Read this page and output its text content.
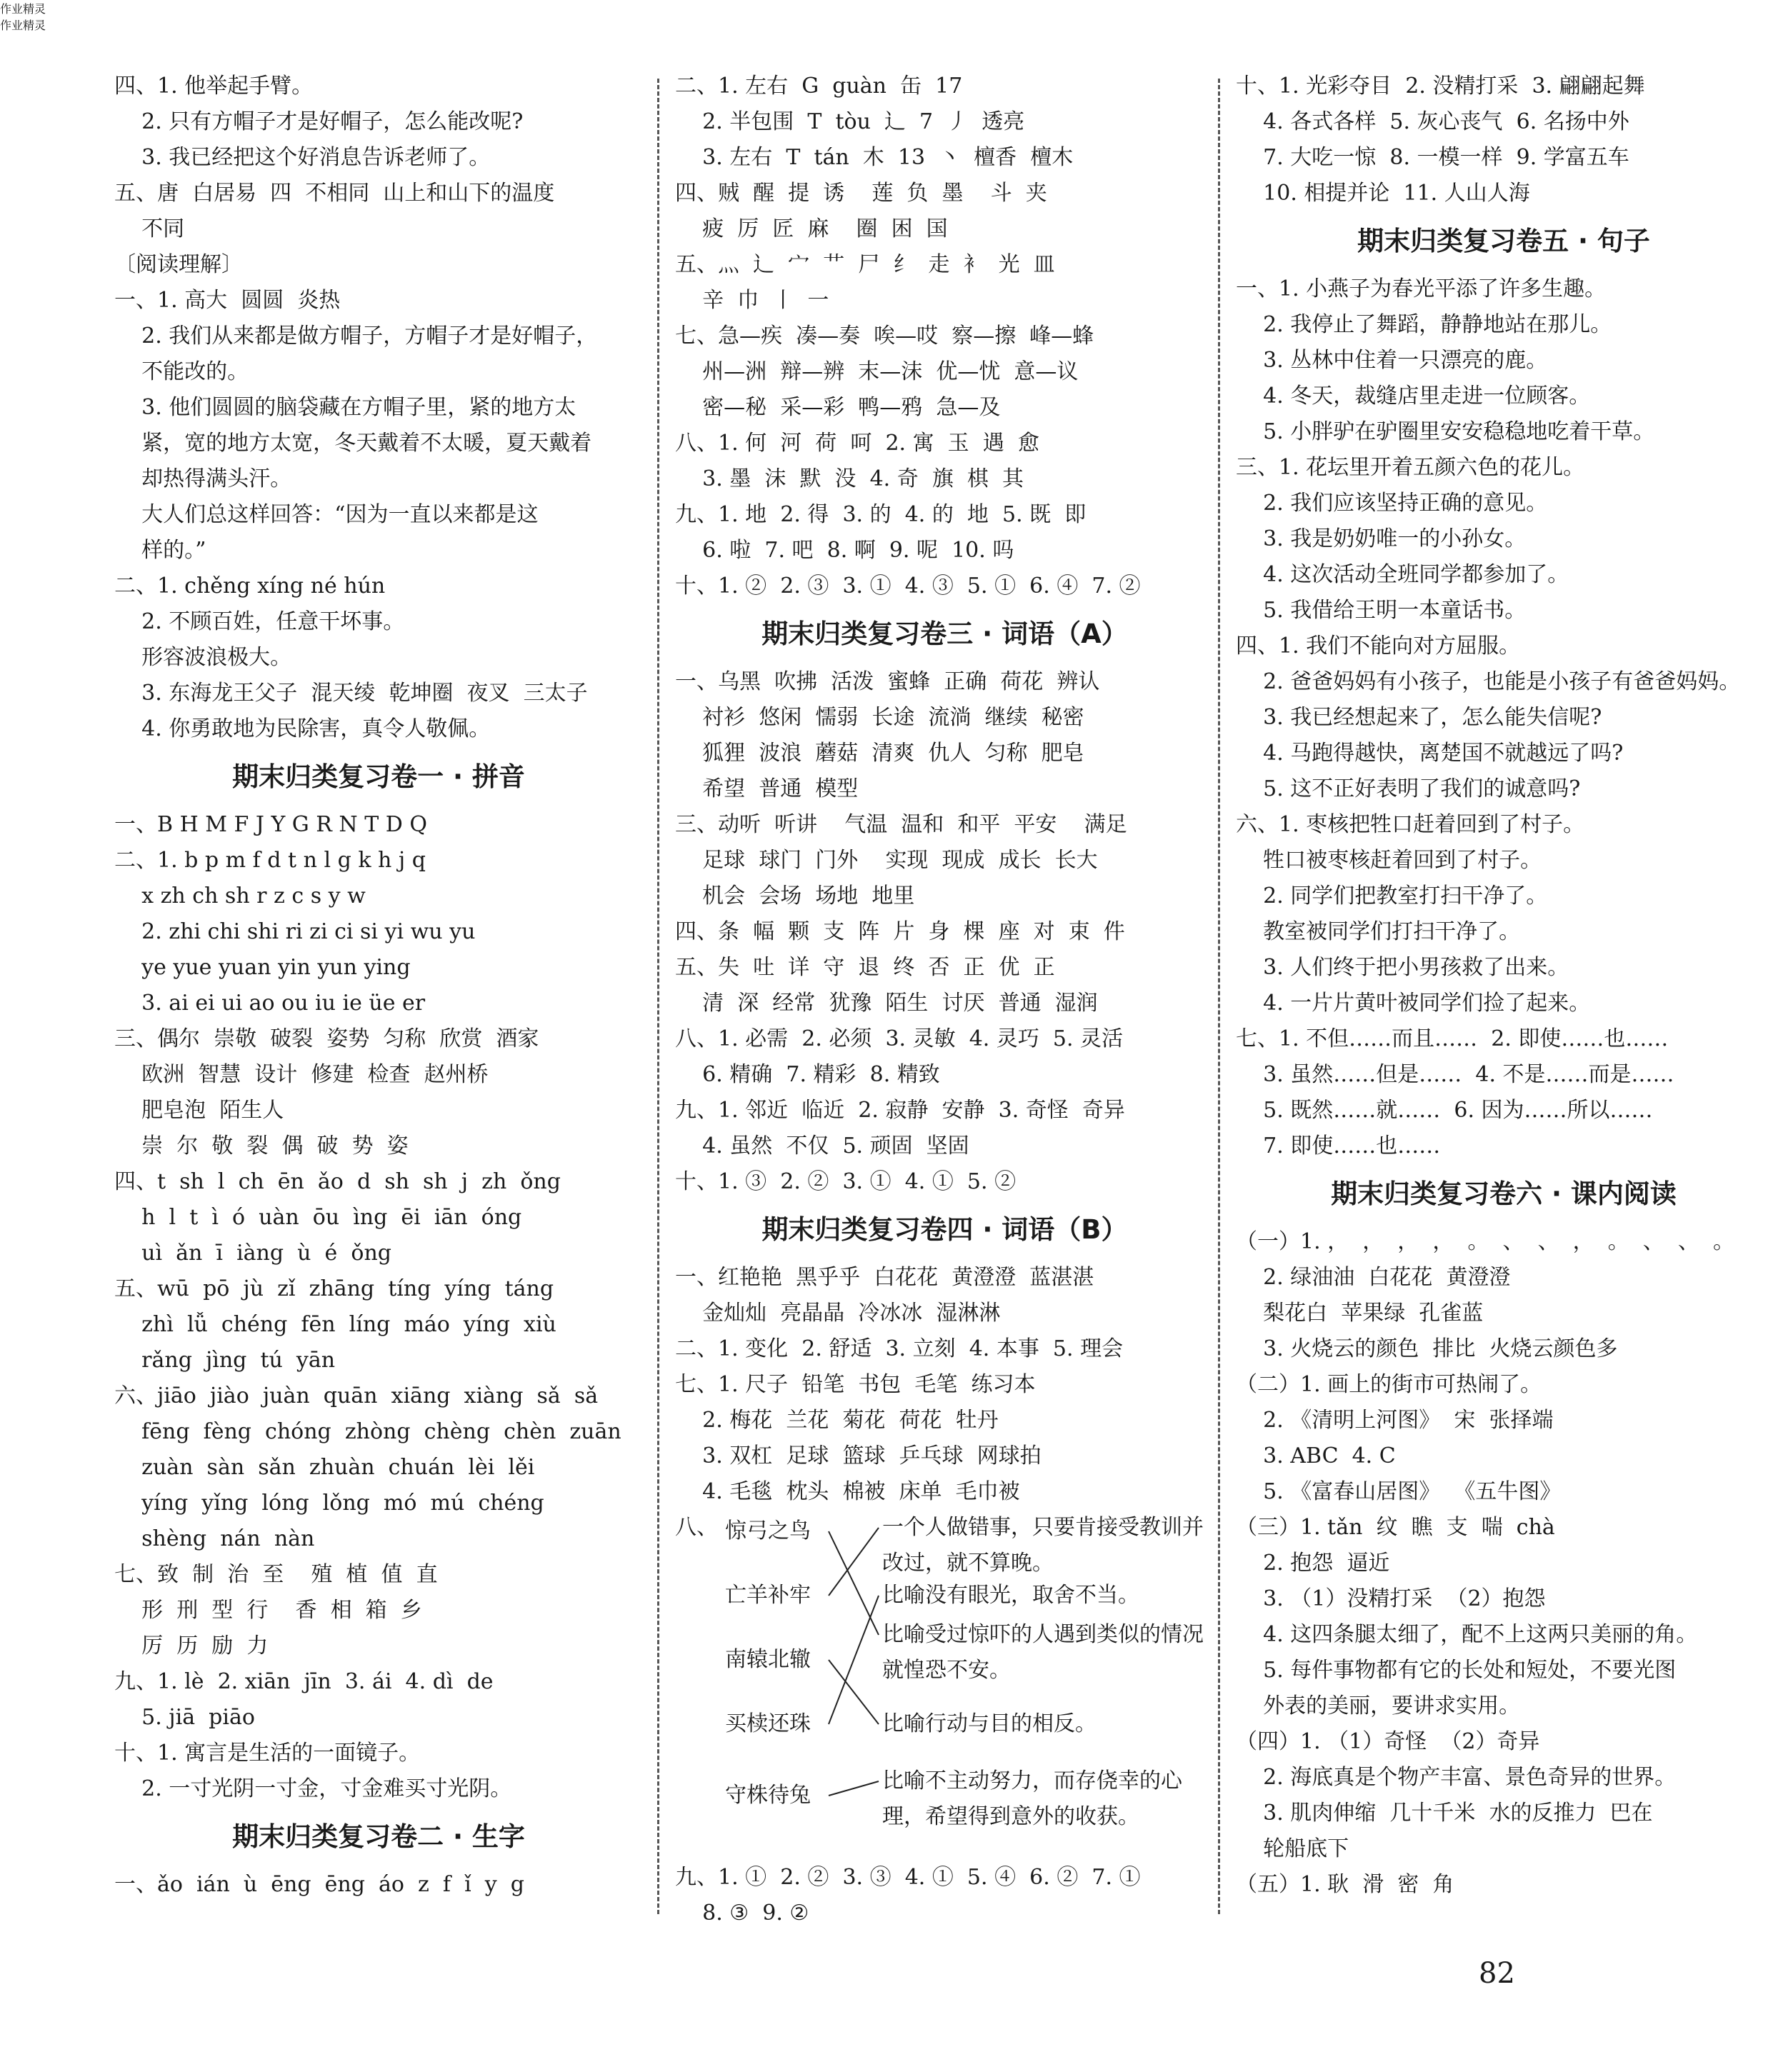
四、1. 他举起手臂。
2. 只有方帽子才是好帽子，怎么能改呢?
3. 我已经把这个好消息告诉老师了。
五、唐  白居易  四  不相同  山上和山下的温度
不同
〔阅读理解〕
一、1. 高大  圆圆  炎热
2. 我们从来都是做方帽子，方帽子才是好帽子，
不能改的。
3. 他们圆圆的脑袋藏在方帽子里，紧的地方太
紧，宽的地方太宽，冬天戴着不太暖，夏天戴着
却热得满头汗。
大人们总这样回答：“因为一直以来都是这
样的。”
二、1. chěng xíng né hún
2. 不顾百姓，任意干坏事。
形容波浪极大。
3. 东海龙王父子  混天绫  乾坤圈  夜叉  三太子
4. 你勇敢地为民除害，真令人敬佩。
期末归类复习卷一 · 拼音
一、B H M F J Y G R N T D Q
二、1. b p m f d t n l g k h j q
x zh ch sh r z c s y w
2. zhi chi shi ri zi ci si yi wu yu
ye yue yuan yin yun ying
3. ai ei ui ao ou iu ie üe er
三、偶尔  崇敬  破裂  姿势  匀称  欣赏  酒家
欧洲  智慧  设计  修建  检查  赵州桥
肥皂泡  陌生人
崇  尔  敬  裂  偶  破  势  姿
四、t  sh  l  ch  ēn  ǎo  d  sh  sh  j  zh  ǒng
h  l  t  ì  ó  uàn  ōu  ìng  ēi  iān  óng
uì  ǎn  ī  iàng  ù  é  ǒng
五、wū  pō  jù  zǐ  zhāng  tíng  yíng  táng
zhì  lǚ  chéng  fēn  líng  máo  yíng  xiù
rǎng  jìng  tú  yān
六、jiāo  jiào  juàn  quān  xiāng  xiàng  sǎ  sǎ
fēng  fèng  chóng  zhòng  chèng  chèn  zuān
zuàn  sàn  sǎn  zhuàn  chuán  lèi  lěi
yíng  yǐng  lóng  lǒng  mó  mú  chéng
shèng  nán  nàn
七、致  制  治  至    殖  植  值  直
形  刑  型  行    香  相  箱  乡
厉  历  励  力
九、1. lè  2. xiān  jīn  3. ái  4. dì  de
5. jiā  piāo
十、1. 寓言是生活的一面镜子。
2. 一寸光阴一寸金，寸金难买寸光阴。
期末归类复习卷二 · 生字
一、ǎo  ián  ù  ēng  ēng  áo  z  f  ǐ  y  g
二、1. 左右  G  guàn  缶  17
2. 半包围  T  tòu  辶  7  丿  透亮
3. 左右  T  tán  木  13  丶  檀香  檀木
四、贼  醒  提  诱    莲  负  墨    斗  夹
疲  厉  匠  麻    圈  困  国
五、灬  辶  宀  艹  尸  纟  走  衤  光  皿
辛  巾  丨  一
七、急—疾  凑—奏  唉—哎  察—擦  峰—蜂
州—洲  辩—辨  末—沫  优—忧  意—议
密—秘  采—彩  鸭—鸦  急—及
八、1. 何  河  荷  呵  2. 寓  玉  遇  愈
3. 墨  沫  默  没  4. 奇  旗  棋  其
九、1. 地  2. 得  3. 的  4. 的  地  5. 既  即
6. 啦  7. 吧  8. 啊  9. 呢  10. 吗
十、1. ②  2. ③  3. ①  4. ③  5. ①  6. ④  7. ②
期末归类复习卷三 · 词语（A）
一、乌黑  吹拂  活泼  蜜蜂  正确  荷花  辨认
衬衫  悠闲  懦弱  长途  流淌  继续  秘密
狐狸  波浪  蘑菇  清爽  仇人  匀称  肥皂
希望  普通  模型
三、动听  听讲    气温  温和  和平  平安    满足
足球  球门  门外    实现  现成  成长  长大
机会  会场  场地  地里
四、条  幅  颗  支  阵  片  身  棵  座  对  束  件
五、失  吐  详  守  退  终  否  正  优  正
清  深  经常  犹豫  陌生  讨厌  普通  湿润
八、1. 必需  2. 必须  3. 灵敏  4. 灵巧  5. 灵活
6. 精确  7. 精彩  8. 精致
九、1. 邻近  临近  2. 寂静  安静  3. 奇怪  奇异
4. 虽然  不仅  5. 顽固  坚固
十、1. ③  2. ②  3. ①  4. ①  5. ②
期末归类复习卷四 · 词语（B）
一、红艳艳  黑乎乎  白花花  黄澄澄  蓝湛湛
金灿灿  亮晶晶  冷冰冰  湿淋淋
二、1. 变化  2. 舒适  3. 立刻  4. 本事  5. 理会
七、1. 尺子  铅笔  书包  毛笔  练习本
2. 梅花  兰花  菊花  荷花  牡丹
3. 双杠  足球  篮球  乒乓球  网球拍
4. 毛毯  枕头  棉被  床单  毛巾被
八、 惊弓之鸟
亡羊补牢
南辕北辙
买椟还珠
守株待兔
一个人做错事，只要肯接受教训并改过，就不算晚。
比喻没有眼光，取舍不当。
比喻受过惊吓的人遇到类似的情况就惶恐不安。
比喻行动与目的相反。
比喻不主动努力，而存侥幸的心理，希望得到意外的收获。
九、1. ①  2. ②  3. ③  4. ①  5. ④  6. ②  7. ①
8. ③  9. ②
十、1. 光彩夺目  2. 没精打采  3. 翩翩起舞
4. 各式各样  5. 灰心丧气  6. 名扬中外
7. 大吃一惊  8. 一模一样  9. 学富五车
10. 相提并论  11. 人山人海
期末归类复习卷五 · 句子
一、1. 小燕子为春光平添了许多生趣。
2. 我停止了舞蹈，静静地站在那儿。
3. 丛林中住着一只漂亮的鹿。
4. 冬天，裁缝店里走进一位顾客。
5. 小胖驴在驴圈里安安稳稳地吃着干草。
三、1. 花坛里开着五颜六色的花儿。
2. 我们应该坚持正确的意见。
3. 我是奶奶唯一的小孙女。
4. 这次活动全班同学都参加了。
5. 我借给王明一本童话书。
四、1. 我们不能向对方屈服。
2. 爸爸妈妈有小孩子，也能是小孩子有爸爸妈妈。
3. 我已经想起来了，怎么能失信呢?
4. 马跑得越快，离楚国不就越远了吗?
5. 这不正好表明了我们的诚意吗?
六、1. 枣核把牲口赶着回到了村子。
牲口被枣核赶着回到了村子。
2. 同学们把教室打扫干净了。
教室被同学们打扫干净了。
3. 人们终于把小男孩救了出来。
4. 一片片黄叶被同学们捡了起来。
七、1. 不但……而且……  2. 即使……也……
3. 虽然……但是……  4. 不是……而是……
5. 既然……就……  6. 因为……所以……
7. 即使……也……
期末归类复习卷六 · 课内阅读
（一）1. ，  ，  ，  ，  。  、  、  ，  。  、  、  。
2. 绿油油  白花花  黄澄澄
梨花白  苹果绿  孔雀蓝
3. 火烧云的颜色  排比  火烧云颜色多
（二）1. 画上的街市可热闹了。
2. 《清明上河图》  宋  张择端
3. ABC  4. C
5. 《富春山居图》  《五牛图》
（三）1. tǎn  纹  瞧  支  喘  chà
2. 抱怨  逼近
3. （1）没精打采  （2）抱怨
4. 这四条腿太细了，配不上这两只美丽的角。
5. 每件事物都有它的长处和短处，不要光图
外表的美丽，要讲求实用。
（四）1. （1）奇怪  （2）奇异
2. 海底真是个物产丰富、景色奇异的世界。
3. 肌肉伸缩  几十千米  水的反推力  巴在
轮船底下
（五）1. 耿  滑  密  角
作业精灵
作业精灵
82
